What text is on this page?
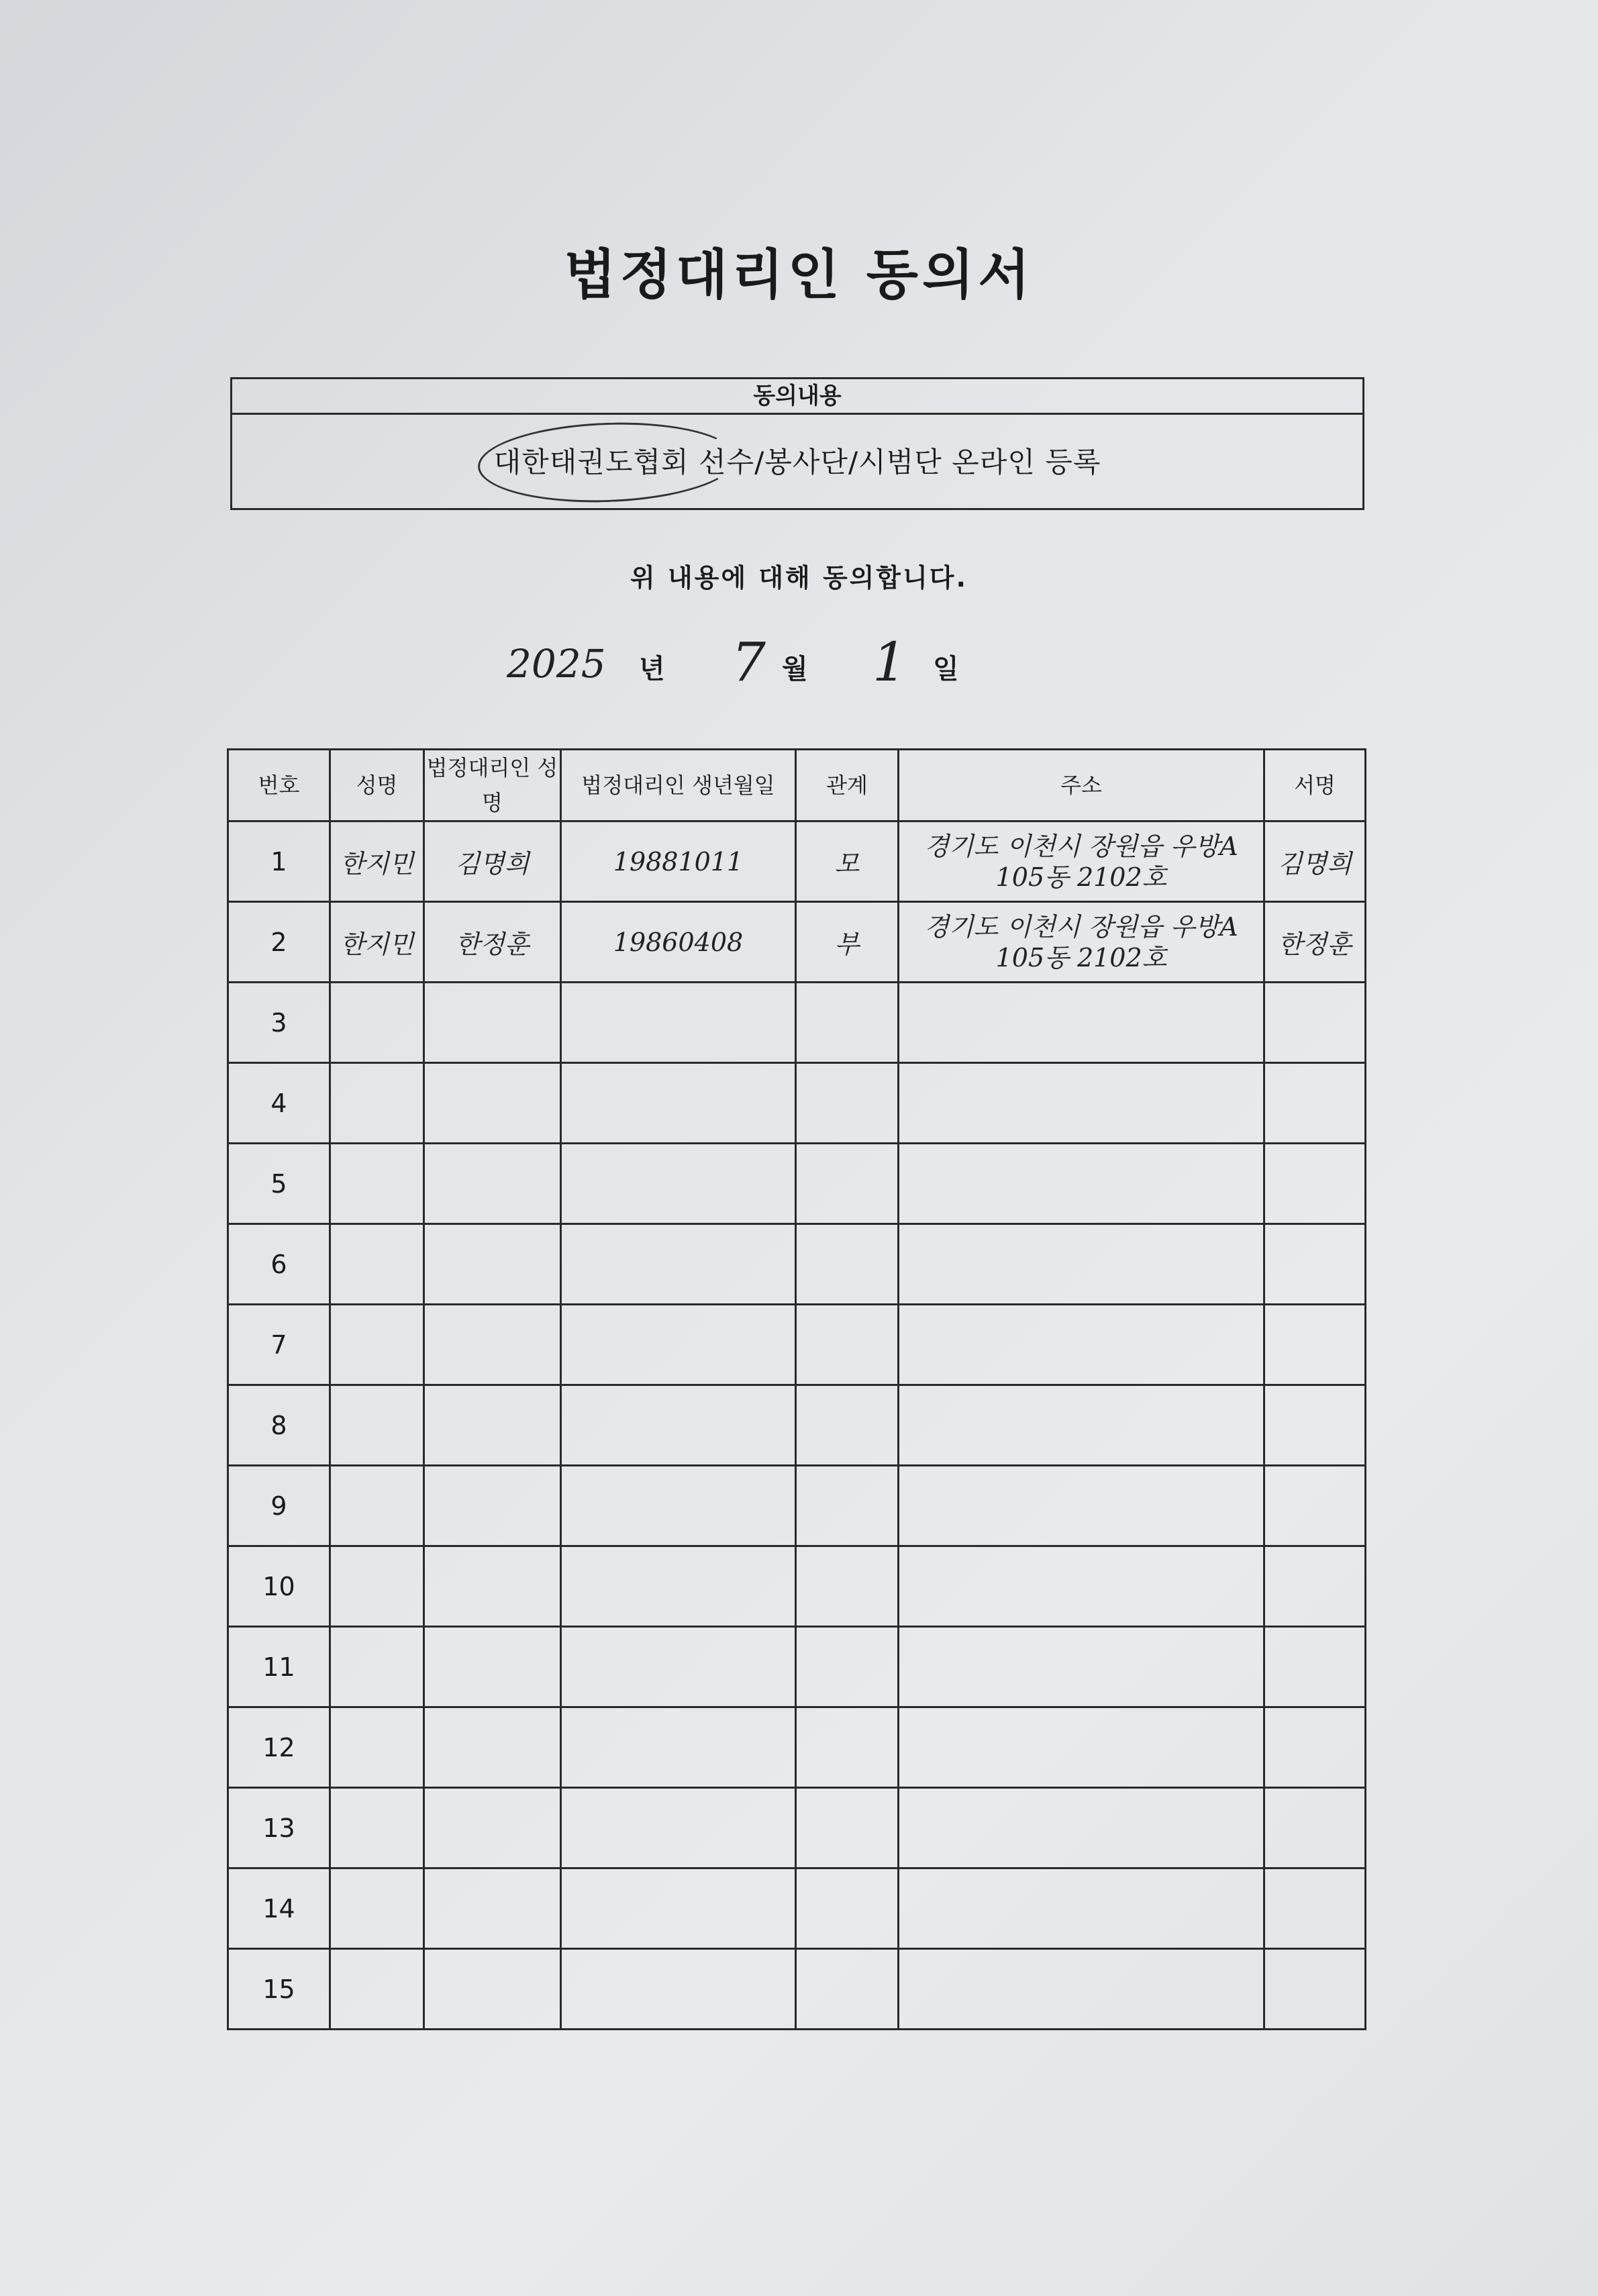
법정대리인 동의서
동의내용
대한태권도협회 선수/봉사단/시범단 온라인 등록
위 내용에 대해 동의합니다.
2025 년 7 월 1 일
번호	성명	법정대리인 성명	법정대리인 생년월일	관계	주소	서명
1	한지민	김명희	19881011	모	경기도 이천시 장원읍 우방A 105동 2102호	김명희
2	한지민	한정훈	19860408	부	경기도 이천시 장원읍 우방A 105동 2102호	한정훈
3						
4						
5						
6						
7						
8						
9						
10						
11						
12						
13						
14						
15						
